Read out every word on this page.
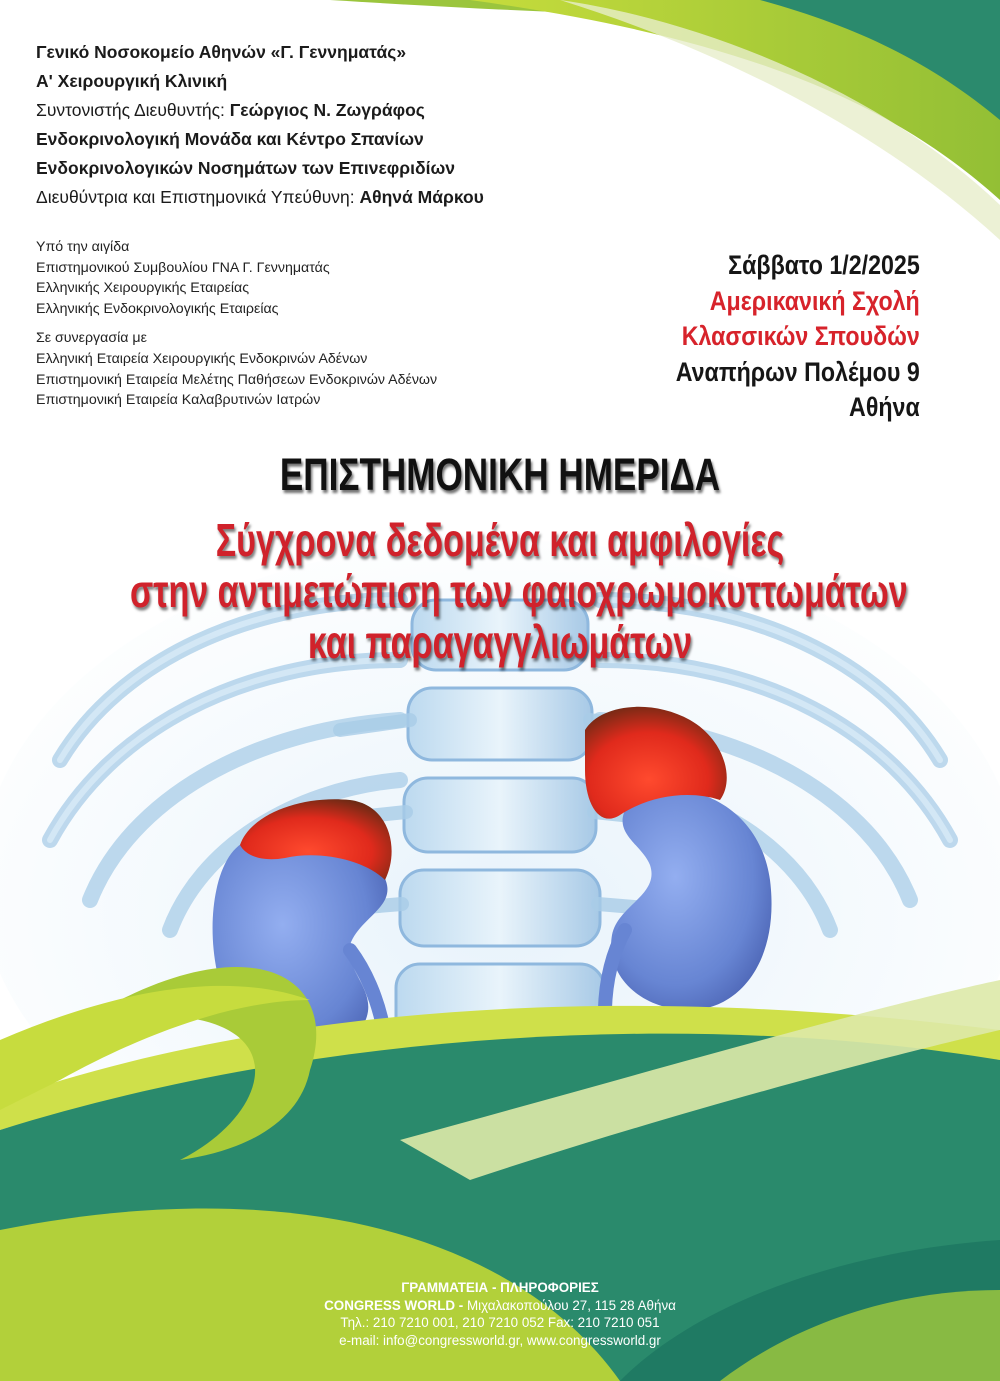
Γενικό Νοσοκομείο Αθηνών «Γ. Γεννηματάς»
Α' Χειρουργική Κλινική
Συντονιστής Διευθυντής: Γεώργιος Ν. Ζωγράφος
Ενδοκρινολογική Μονάδα και Κέντρο Σπανίων
Ενδοκρινολογικών Νοσημάτων των Επινεφριδίων
Διευθύντρια και Επιστημονικά Υπεύθυνη: Αθηνά Μάρκου
Υπό την αιγίδα
Επιστημονικού Συμβουλίου ΓΝΑ Γ. Γεννηματάς
Ελληνικής Χειρουργικής Εταιρείας
Ελληνικής Ενδοκρινολογικής Εταιρείας
Σε συνεργασία με
Ελληνική Εταιρεία Χειρουργικής Ενδοκρινών Αδένων
Επιστημονική Εταιρεία Μελέτης Παθήσεων Ενδοκρινών Αδένων
Επιστημονική Εταιρεία Καλαβρυτινών Ιατρών
Σάββατο 1/2/2025
Αμερικανική Σχολή
Κλασσικών Σπουδών
Αναπήρων Πολέμου 9
Αθήνα
ΕΠΙΣΤΗΜΟΝΙΚΗ ΗΜΕΡΙΔΑ
Σύγχρονα δεδομένα και αμφιλογίες
στην αντιμετώπιση των φαιοχρωμοκυττωμάτων
και παραγαγγλιωμάτων
ΓΡΑΜΜΑΤΕΙΑ - ΠΛΗΡΟΦΟΡΙΕΣ
CONGRESS WORLD - Μιχαλακοπούλου 27, 115 28 Αθήνα
Τηλ.: 210 7210 001, 210 7210 052 Fax: 210 7210 051
e-mail: info@congressworld.gr, www.congressworld.gr
